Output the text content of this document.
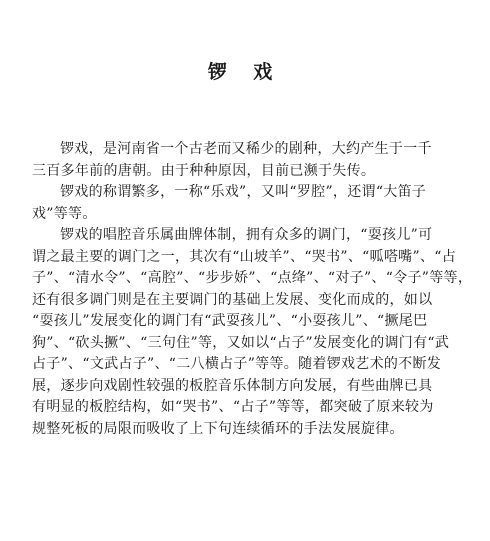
锣 戏

锣戏，是河南省一个古老而又稀少的剧种，大约产生于一千
三百多年前的唐朝。由于种种原因，目前已濒于失传。

锣戏的称谓繁多，一称“乐戏”，又叫“罗腔”，还谓“大笛子
戏”等等。

锣戏的唱腔音乐属曲牌体制，拥有众多的调门，“耍孩儿”可
谓之最主要的调门之一，其次有“山坡羊”、“哭书”、“呱嗒嘴”、“占
子”、“清水令”、“高腔”、“步步娇”、“点绛”、“对子”、“令子”等等，
还有很多调门则是在主要调门的基础上发展、变化而成的，如以
“耍孩儿”发展变化的调门有“武耍孩儿”、“小耍孩儿”、“撅尾巴
狗”、“砍头撅”、“三句住”等，又如以“占子”发展变化的调门有“武
占子”、“文武占子”、“二八横占子”等等。随着锣戏艺术的不断发
展，逐步向戏剧性较强的板腔音乐体制方向发展，有些曲牌已具
有明显的板腔结构，如“哭书”、“占子”等等，都突破了原来较为
规整死板的局限而吸收了上下句连续循环的手法发展旋律。
